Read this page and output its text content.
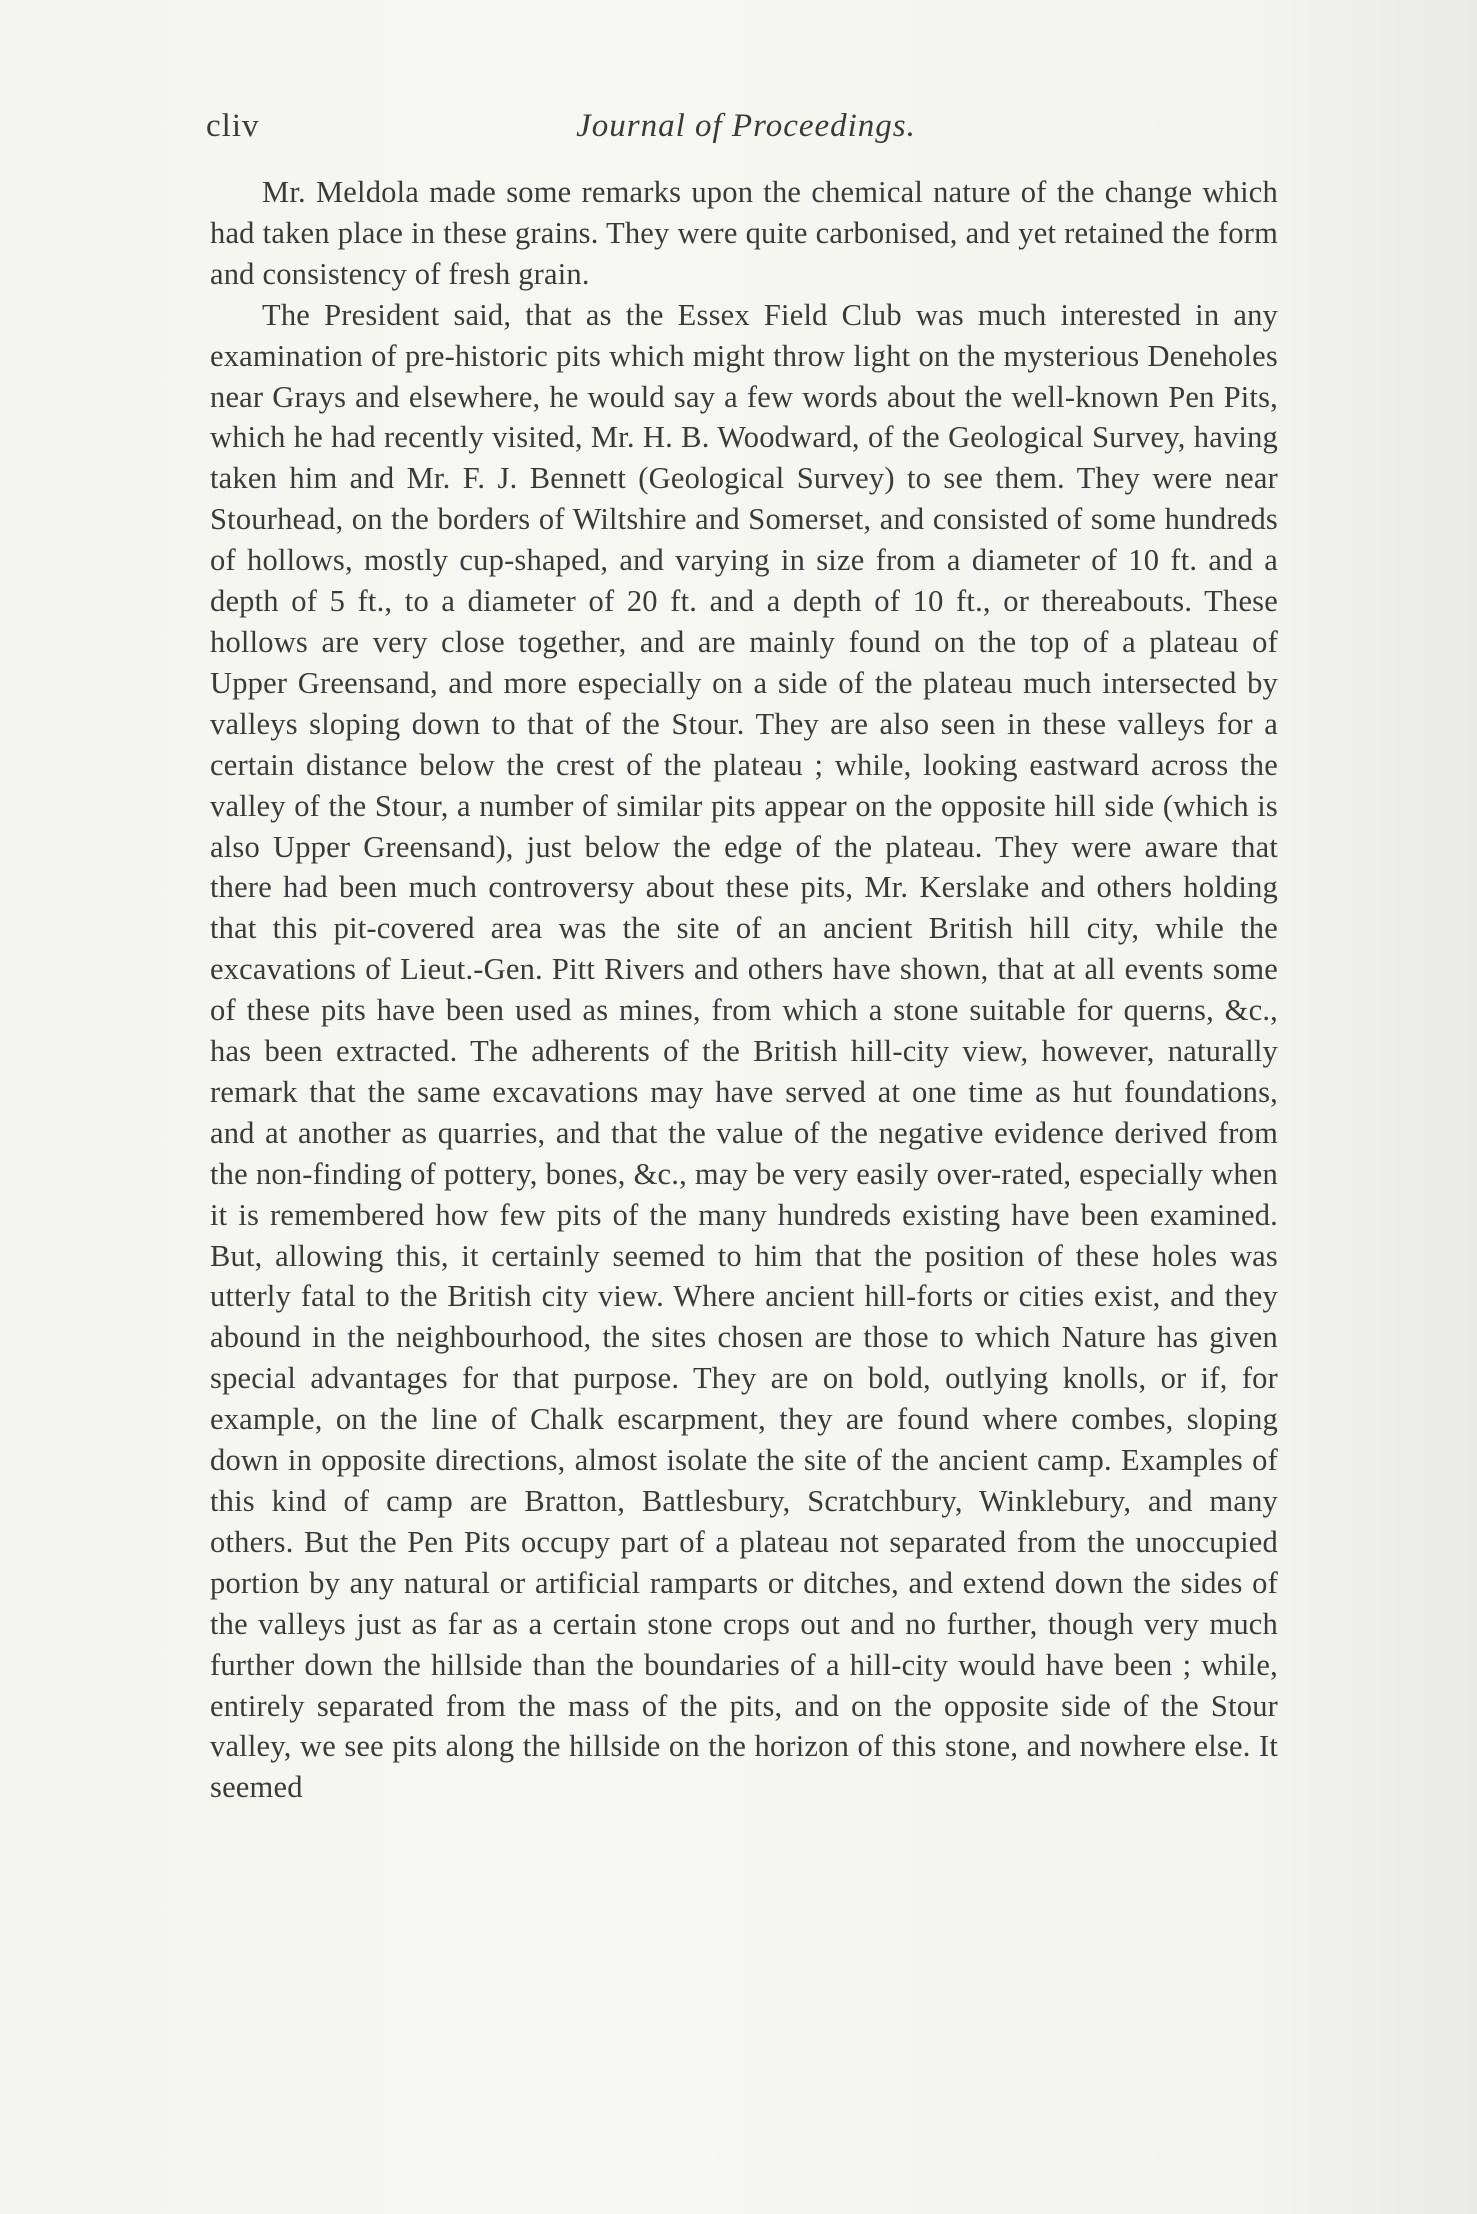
cliv	Journal of Proceedings.

Mr. Meldola made some remarks upon the chemical nature of the change which had taken place in these grains. They were quite carbonised, and yet retained the form and consistency of fresh grain.

The President said, that as the Essex Field Club was much interested in any examination of pre-historic pits which might throw light on the mysterious Deneholes near Grays and elsewhere, he would say a few words about the well-known Pen Pits, which he had recently visited, Mr. H. B. Woodward, of the Geological Survey, having taken him and Mr. F. J. Bennett (Geological Survey) to see them. They were near Stourhead, on the borders of Wiltshire and Somerset, and consisted of some hundreds of hollows, mostly cup-shaped, and varying in size from a diameter of 10 ft. and a depth of 5 ft., to a diameter of 20 ft. and a depth of 10 ft., or thereabouts. These hollows are very close together, and are mainly found on the top of a plateau of Upper Greensand, and more especially on a side of the plateau much intersected by valleys sloping down to that of the Stour. They are also seen in these valleys for a certain distance below the crest of the plateau ; while, looking eastward across the valley of the Stour, a number of similar pits appear on the opposite hill side (which is also Upper Greensand), just below the edge of the plateau. They were aware that there had been much controversy about these pits, Mr. Kerslake and others holding that this pit-covered area was the site of an ancient British hill city, while the excavations of Lieut.-Gen. Pitt Rivers and others have shown, that at all events some of these pits have been used as mines, from which a stone suitable for querns, &c., has been extracted. The adherents of the British hill-city view, however, naturally remark that the same excavations may have served at one time as hut foundations, and at another as quarries, and that the value of the negative evidence derived from the non-finding of pottery, bones, &c., may be very easily over-rated, especially when it is remembered how few pits of the many hundreds existing have been examined. But, allowing this, it certainly seemed to him that the position of these holes was utterly fatal to the British city view. Where ancient hill-forts or cities exist, and they abound in the neighbourhood, the sites chosen are those to which Nature has given special advantages for that purpose. They are on bold, outlying knolls, or if, for example, on the line of Chalk escarpment, they are found where combes, sloping down in opposite directions, almost isolate the site of the ancient camp. Examples of this kind of camp are Bratton, Battlesbury, Scratchbury, Winklebury, and many others. But the Pen Pits occupy part of a plateau not separated from the unoccupied portion by any natural or artificial ramparts or ditches, and extend down the sides of the valleys just as far as a certain stone crops out and no further, though very much further down the hillside than the boundaries of a hill-city would have been ; while, entirely separated from the mass of the pits, and on the opposite side of the Stour valley, we see pits along the hillside on the horizon of this stone, and nowhere else. It seemed
